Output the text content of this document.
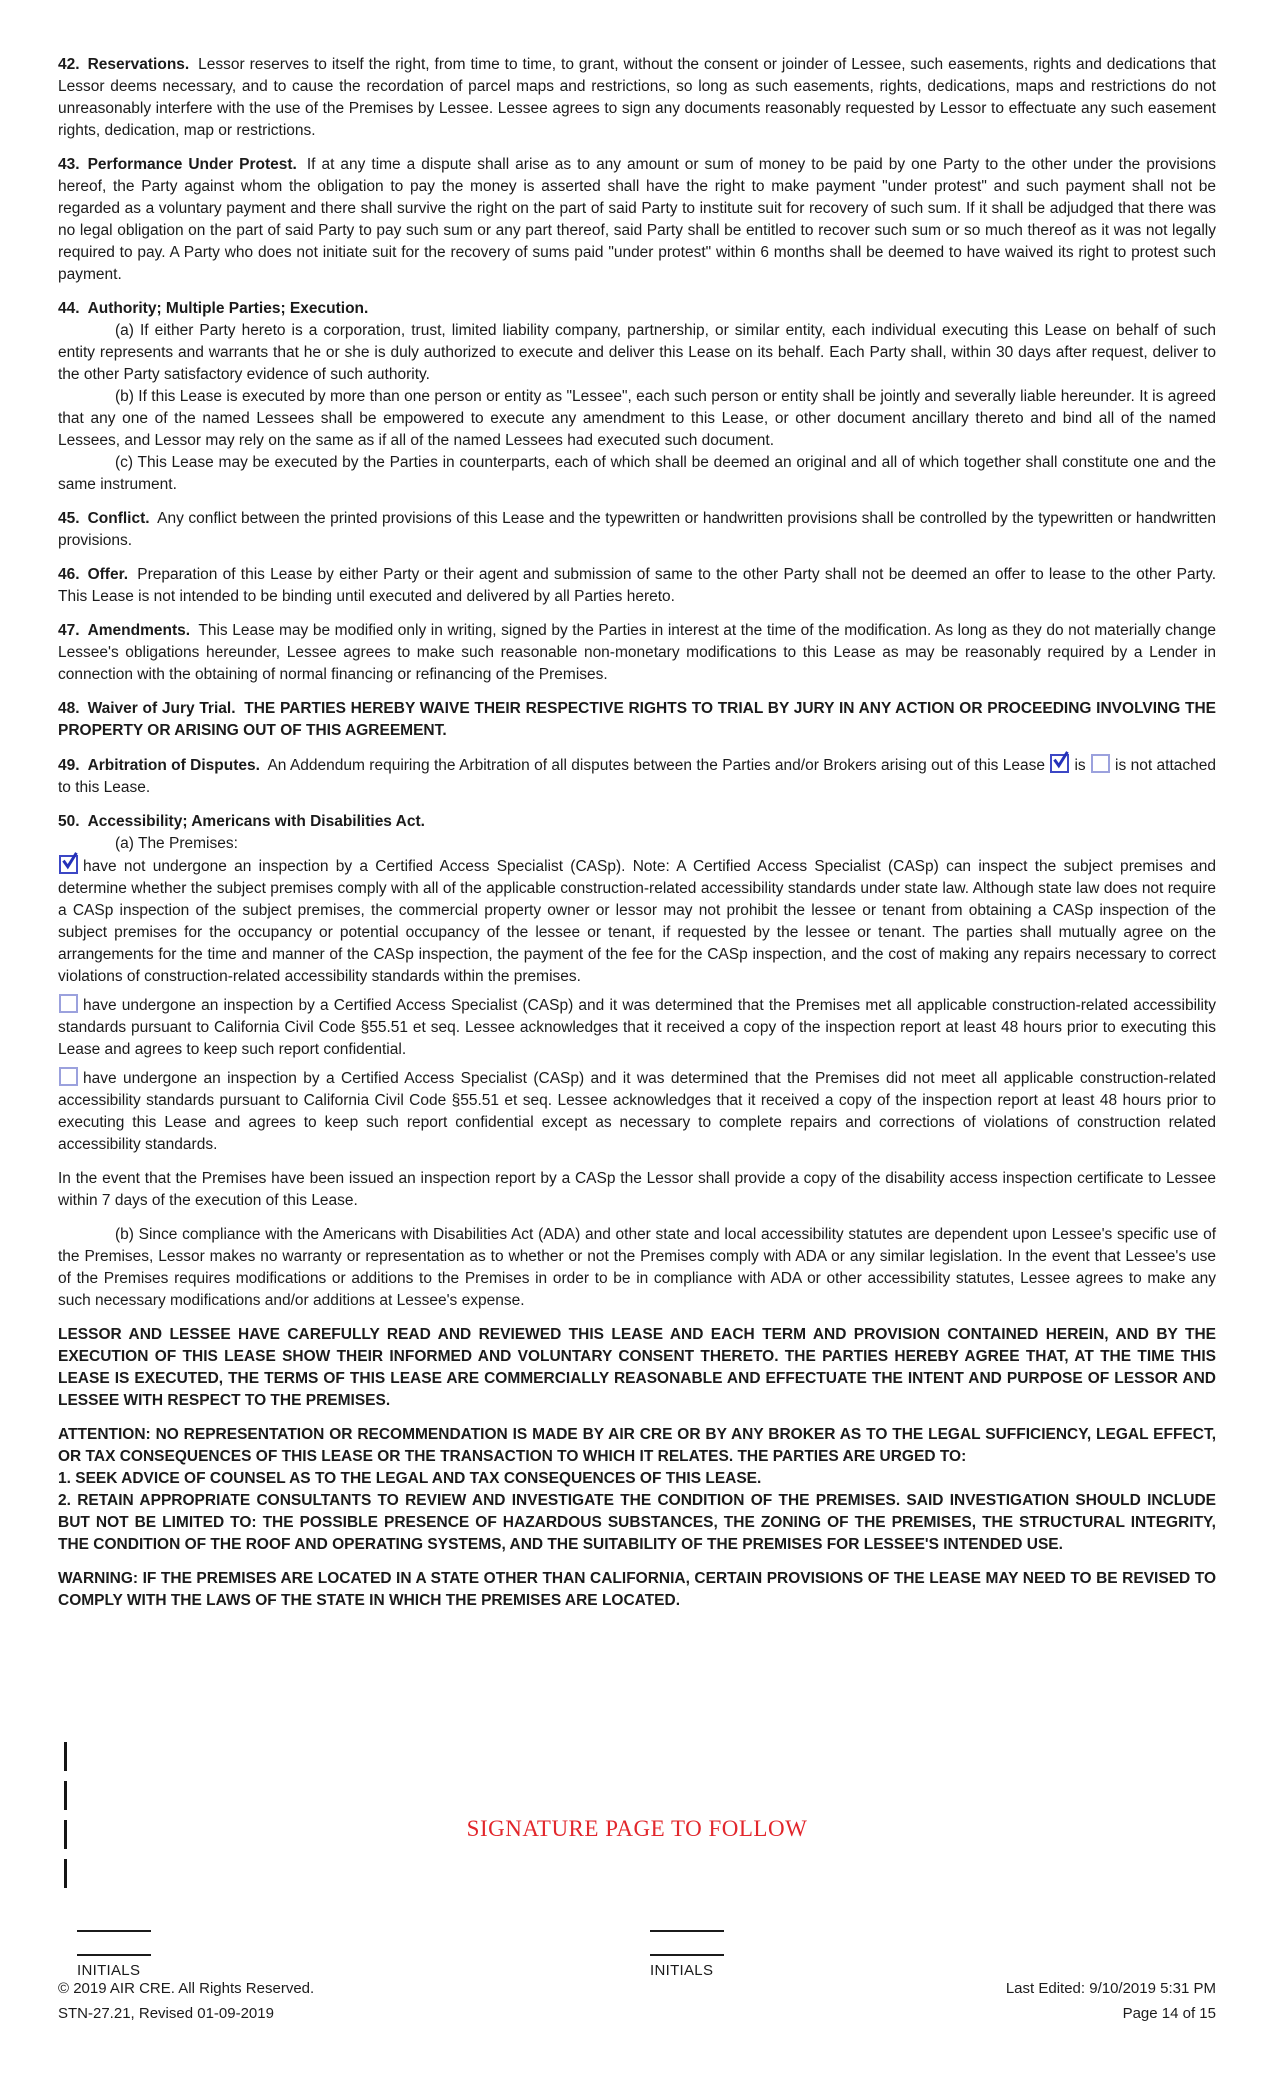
42. Reservations. Lessor reserves to itself the right, from time to time, to grant, without the consent or joinder of Lessee, such easements, rights and dedications that Lessor deems necessary, and to cause the recordation of parcel maps and restrictions, so long as such easements, rights, dedications, maps and restrictions do not unreasonably interfere with the use of the Premises by Lessee. Lessee agrees to sign any documents reasonably requested by Lessor to effectuate any such easement rights, dedication, map or restrictions.

43. Performance Under Protest. If at any time a dispute shall arise as to any amount or sum of money to be paid by one Party to the other under the provisions hereof, the Party against whom the obligation to pay the money is asserted shall have the right to make payment "under protest" and such payment shall not be regarded as a voluntary payment and there shall survive the right on the part of said Party to institute suit for recovery of such sum. If it shall be adjudged that there was no legal obligation on the part of said Party to pay such sum or any part thereof, said Party shall be entitled to recover such sum or so much thereof as it was not legally required to pay. A Party who does not initiate suit for the recovery of sums paid "under protest" within 6 months shall be deemed to have waived its right to protest such payment.

44. Authority; Multiple Parties; Execution.

(a) If either Party hereto is a corporation, trust, limited liability company, partnership, or similar entity, each individual executing this Lease on behalf of such entity represents and warrants that he or she is duly authorized to execute and deliver this Lease on its behalf. Each Party shall, within 30 days after request, deliver to the other Party satisfactory evidence of such authority.

(b) If this Lease is executed by more than one person or entity as "Lessee", each such person or entity shall be jointly and severally liable hereunder. It is agreed that any one of the named Lessees shall be empowered to execute any amendment to this Lease, or other document ancillary thereto and bind all of the named Lessees, and Lessor may rely on the same as if all of the named Lessees had executed such document.

(c) This Lease may be executed by the Parties in counterparts, each of which shall be deemed an original and all of which together shall constitute one and the same instrument.

45. Conflict. Any conflict between the printed provisions of this Lease and the typewritten or handwritten provisions shall be controlled by the typewritten or handwritten provisions.

46. Offer. Preparation of this Lease by either Party or their agent and submission of same to the other Party shall not be deemed an offer to lease to the other Party. This Lease is not intended to be binding until executed and delivered by all Parties hereto.

47. Amendments. This Lease may be modified only in writing, signed by the Parties in interest at the time of the modification. As long as they do not materially change Lessee's obligations hereunder, Lessee agrees to make such reasonable non-monetary modifications to this Lease as may be reasonably required by a Lender in connection with the obtaining of normal financing or refinancing of the Premises.

48. Waiver of Jury Trial. THE PARTIES HEREBY WAIVE THEIR RESPECTIVE RIGHTS TO TRIAL BY JURY IN ANY ACTION OR PROCEEDING INVOLVING THE PROPERTY OR ARISING OUT OF THIS AGREEMENT.

49. Arbitration of Disputes. An Addendum requiring the Arbitration of all disputes between the Parties and/or Brokers arising out of this Lease is is not attached to this Lease.

50. Accessibility; Americans with Disabilities Act.

(a) The Premises:

have not undergone an inspection by a Certified Access Specialist (CASp). Note: A Certified Access Specialist (CASp) can inspect the subject premises and determine whether the subject premises comply with all of the applicable construction-related accessibility standards under state law. Although state law does not require a CASp inspection of the subject premises, the commercial property owner or lessor may not prohibit the lessee or tenant from obtaining a CASp inspection of the subject premises for the occupancy or potential occupancy of the lessee or tenant, if requested by the lessee or tenant. The parties shall mutually agree on the arrangements for the time and manner of the CASp inspection, the payment of the fee for the CASp inspection, and the cost of making any repairs necessary to correct violations of construction-related accessibility standards within the premises.

have undergone an inspection by a Certified Access Specialist (CASp) and it was determined that the Premises met all applicable construction-related accessibility standards pursuant to California Civil Code §55.51 et seq. Lessee acknowledges that it received a copy of the inspection report at least 48 hours prior to executing this Lease and agrees to keep such report confidential.

have undergone an inspection by a Certified Access Specialist (CASp) and it was determined that the Premises did not meet all applicable construction-related accessibility standards pursuant to California Civil Code §55.51 et seq. Lessee acknowledges that it received a copy of the inspection report at least 48 hours prior to executing this Lease and agrees to keep such report confidential except as necessary to complete repairs and corrections of violations of construction related accessibility standards.

In the event that the Premises have been issued an inspection report by a CASp the Lessor shall provide a copy of the disability access inspection certificate to Lessee within 7 days of the execution of this Lease.

(b) Since compliance with the Americans with Disabilities Act (ADA) and other state and local accessibility statutes are dependent upon Lessee's specific use of the Premises, Lessor makes no warranty or representation as to whether or not the Premises comply with ADA or any similar legislation. In the event that Lessee's use of the Premises requires modifications or additions to the Premises in order to be in compliance with ADA or other accessibility statutes, Lessee agrees to make any such necessary modifications and/or additions at Lessee's expense.

LESSOR AND LESSEE HAVE CAREFULLY READ AND REVIEWED THIS LEASE AND EACH TERM AND PROVISION CONTAINED HEREIN, AND BY THE EXECUTION OF THIS LEASE SHOW THEIR INFORMED AND VOLUNTARY CONSENT THERETO. THE PARTIES HEREBY AGREE THAT, AT THE TIME THIS LEASE IS EXECUTED, THE TERMS OF THIS LEASE ARE COMMERCIALLY REASONABLE AND EFFECTUATE THE INTENT AND PURPOSE OF LESSOR AND LESSEE WITH RESPECT TO THE PREMISES.

ATTENTION: NO REPRESENTATION OR RECOMMENDATION IS MADE BY AIR CRE OR BY ANY BROKER AS TO THE LEGAL SUFFICIENCY, LEGAL EFFECT, OR TAX CONSEQUENCES OF THIS LEASE OR THE TRANSACTION TO WHICH IT RELATES. THE PARTIES ARE URGED TO:

1. SEEK ADVICE OF COUNSEL AS TO THE LEGAL AND TAX CONSEQUENCES OF THIS LEASE.

2. RETAIN APPROPRIATE CONSULTANTS TO REVIEW AND INVESTIGATE THE CONDITION OF THE PREMISES. SAID INVESTIGATION SHOULD INCLUDE BUT NOT BE LIMITED TO: THE POSSIBLE PRESENCE OF HAZARDOUS SUBSTANCES, THE ZONING OF THE PREMISES, THE STRUCTURAL INTEGRITY, THE CONDITION OF THE ROOF AND OPERATING SYSTEMS, AND THE SUITABILITY OF THE PREMISES FOR LESSEE'S INTENDED USE.

WARNING: IF THE PREMISES ARE LOCATED IN A STATE OTHER THAN CALIFORNIA, CERTAIN PROVISIONS OF THE LEASE MAY NEED TO BE REVISED TO COMPLY WITH THE LAWS OF THE STATE IN WHICH THE PREMISES ARE LOCATED.

SIGNATURE PAGE TO FOLLOW
INITIALS	INITIALS
© 2019 AIR CRE. All Rights Reserved.	Last Edited: 9/10/2019 5:31 PM
STN-27.21, Revised 01-09-2019	Page 14 of 15
